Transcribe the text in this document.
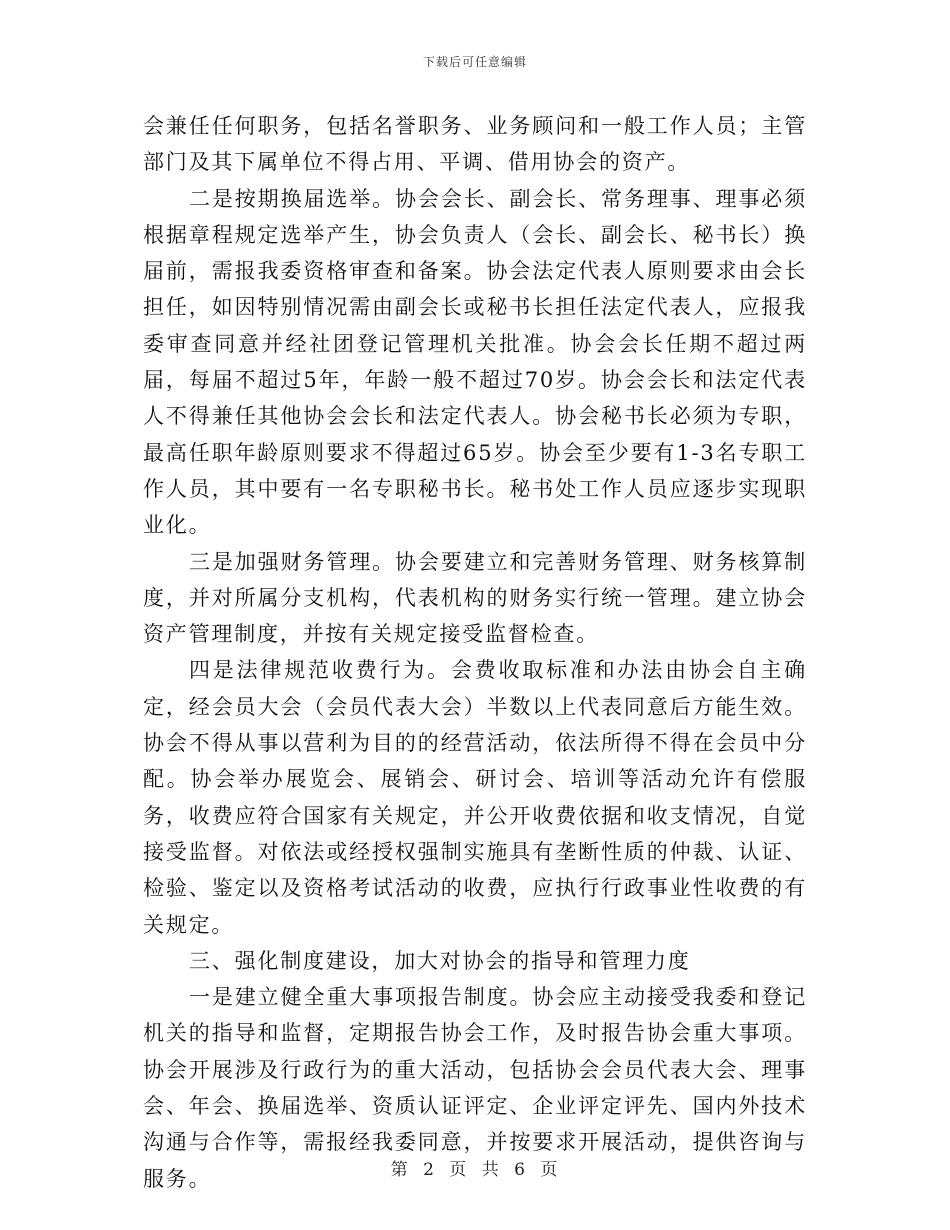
下载后可任意编辑

会兼任任何职务，包括名誉职务、业务顾问和一般工作人员；主管部门及其下属单位不得占用、平调、借用协会的资产。

二是按期换届选举。协会会长、副会长、常务理事、理事必须根据章程规定选举产生，协会负责人（会长、副会长、秘书长）换届前，需报我委资格审查和备案。协会法定代表人原则要求由会长担任，如因特别情况需由副会长或秘书长担任法定代表人，应报我委审查同意并经社团登记管理机关批准。协会会长任期不超过两届，每届不超过5年，年龄一般不超过70岁。协会会长和法定代表人不得兼任其他协会会长和法定代表人。协会秘书长必须为专职，最高任职年龄原则要求不得超过65岁。协会至少要有1-3名专职工作人员，其中要有一名专职秘书长。秘书处工作人员应逐步实现职业化。

三是加强财务管理。协会要建立和完善财务管理、财务核算制度，并对所属分支机构，代表机构的财务实行统一管理。建立协会资产管理制度，并按有关规定接受监督检查。

四是法律规范收费行为。会费收取标准和办法由协会自主确定，经会员大会（会员代表大会）半数以上代表同意后方能生效。协会不得从事以营利为目的的经营活动，依法所得不得在会员中分配。协会举办展览会、展销会、研讨会、培训等活动允许有偿服务，收费应符合国家有关规定，并公开收费依据和收支情况，自觉接受监督。对依法或经授权强制实施具有垄断性质的仲裁、认证、检验、鉴定以及资格考试活动的收费，应执行行政事业性收费的有关规定。

三、强化制度建设，加大对协会的指导和管理力度

一是建立健全重大事项报告制度。协会应主动接受我委和登记机关的指导和监督，定期报告协会工作，及时报告协会重大事项。协会开展涉及行政行为的重大活动，包括协会会员代表大会、理事会、年会、换届选举、资质认证评定、企业评定评先、国内外技术沟通与合作等，需报经我委同意，并按要求开展活动，提供咨询与服务。	第 2 页 共 6 页
